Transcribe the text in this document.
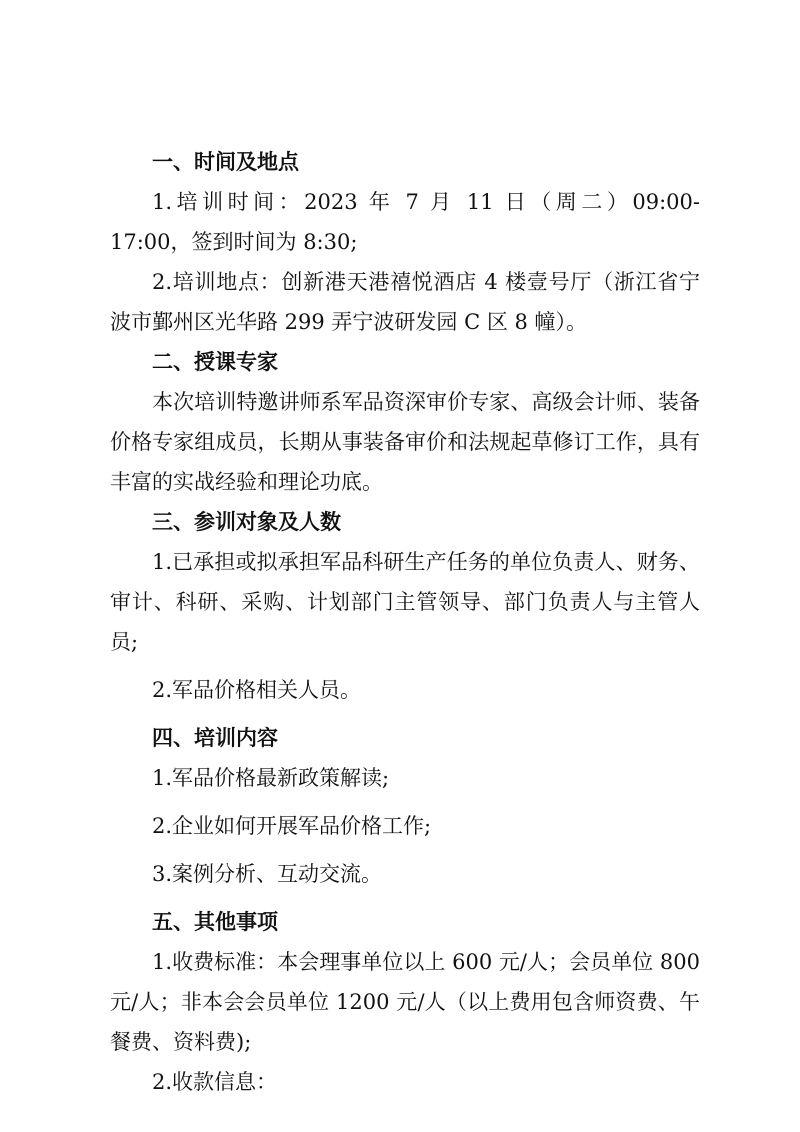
一、时间及地点

1.培训时间：2023 年 7 月 11 日（周二）09:00-17:00，签到时间为 8:30;

2.培训地点：创新港天港禧悦酒店 4 楼壹号厅（浙江省宁波市鄞州区光华路 299 弄宁波研发园 C 区 8 幢）。

二、授课专家

本次培训特邀讲师系军品资深审价专家、高级会计师、装备价格专家组成员，长期从事装备审价和法规起草修订工作，具有丰富的实战经验和理论功底。

三、参训对象及人数

1.已承担或拟承担军品科研生产任务的单位负责人、财务、审计、科研、采购、计划部门主管领导、部门负责人与主管人员;

2.军品价格相关人员。

四、培训内容

1.军品价格最新政策解读;

2.企业如何开展军品价格工作;

3.案例分析、互动交流。

五、其他事项

1.收费标准：本会理事单位以上 600 元/人；会员单位 800 元/人；非本会会员单位 1200 元/人（以上费用包含师资费、午餐费、资料费);

2.收款信息：
